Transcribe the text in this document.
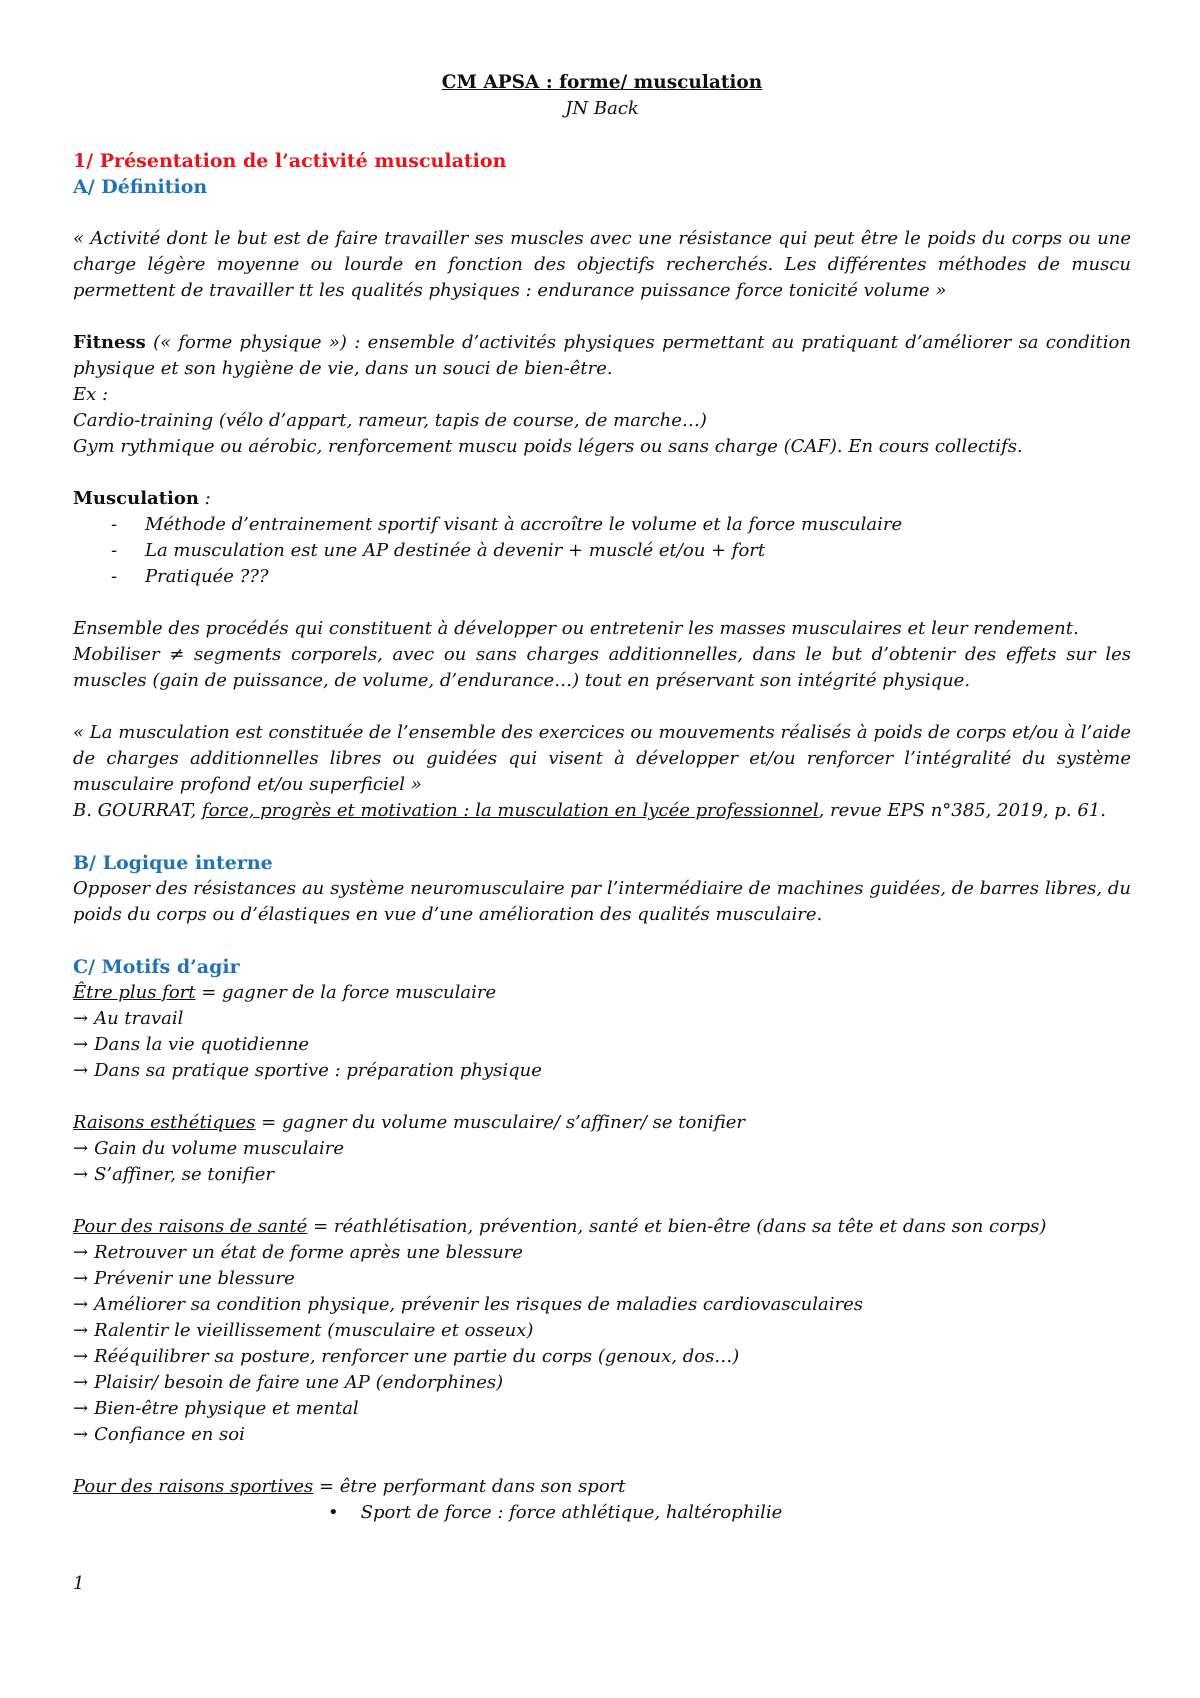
CM APSA : forme/ musculation
JN Back
1/ Présentation de l’activité musculation
A/ Définition
« Activité dont le but est de faire travailler ses muscles avec une résistance qui peut être le poids du corps ou une charge légère moyenne ou lourde en fonction des objectifs recherchés. Les différentes méthodes de muscu permettent de travailler tt les qualités physiques : endurance puissance force tonicité volume »
Fitness (« forme physique ») : ensemble d’activités physiques permettant au pratiquant d’améliorer sa condition physique et son hygiène de vie, dans un souci de bien-être.
Ex :
Cardio-training (vélo d’appart, rameur, tapis de course, de marche…)
Gym rythmique ou aérobic, renforcement muscu poids légers ou sans charge (CAF). En cours collectifs.
Musculation :
- Méthode d’entrainement sportif visant à accroître le volume et la force musculaire
- La musculation est une AP destinée à devenir + musclé et/ou + fort
- Pratiquée ???
Ensemble des procédés qui constituent à développer ou entretenir les masses musculaires et leur rendement.
Mobiliser ≠ segments corporels, avec ou sans charges additionnelles, dans le but d’obtenir des effets sur les muscles (gain de puissance, de volume, d’endurance…) tout en préservant son intégrité physique.
« La musculation est constituée de l’ensemble des exercices ou mouvements réalisés à poids de corps et/ou à l’aide de charges additionnelles libres ou guidées qui visent à développer et/ou renforcer l’intégralité du système musculaire profond et/ou superficiel »
B. GOURRAT, force, progrès et motivation : la musculation en lycée professionnel, revue EPS n°385, 2019, p. 61.
B/ Logique interne
Opposer des résistances au système neuromusculaire par l’intermédiaire de machines guidées, de barres libres, du poids du corps ou d’élastiques en vue d’une amélioration des qualités musculaire.
C/ Motifs d’agir
Être plus fort = gagner de la force musculaire
→ Au travail
→ Dans la vie quotidienne
→ Dans sa pratique sportive : préparation physique
Raisons esthétiques = gagner du volume musculaire/ s’affiner/ se tonifier
→ Gain du volume musculaire
→ S’affiner, se tonifier
Pour des raisons de santé = réathlétisation, prévention, santé et bien-être (dans sa tête et dans son corps)
→ Retrouver un état de forme après une blessure
→ Prévenir une blessure
→ Améliorer sa condition physique, prévenir les risques de maladies cardiovasculaires
→ Ralentir le vieillissement (musculaire et osseux)
→ Rééquilibrer sa posture, renforcer une partie du corps (genoux, dos…)
→ Plaisir/ besoin de faire une AP (endorphines)
→ Bien-être physique et mental
→ Confiance en soi
Pour des raisons sportives = être performant dans son sport
• Sport de force : force athlétique, haltérophilie
1
